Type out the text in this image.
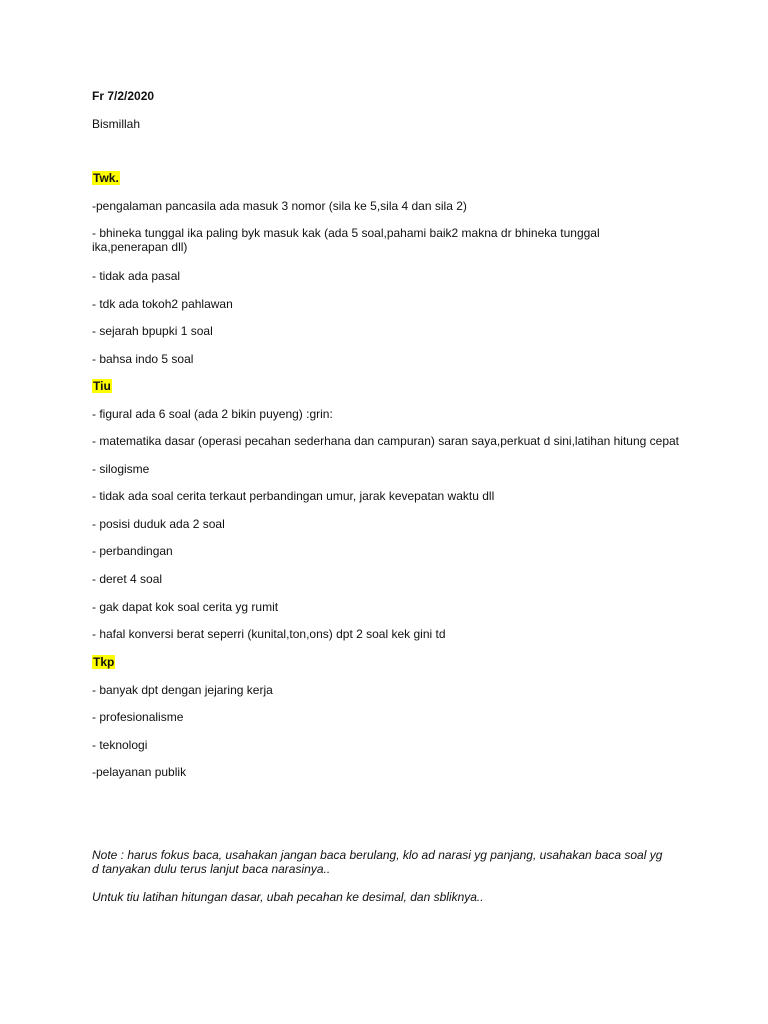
Fr 7/2/2020
Bismillah
Twk.
-pengalaman pancasila ada masuk 3 nomor (sila ke 5,sila 4 dan sila 2)
- bhineka tunggal ika paling byk masuk kak (ada 5 soal,pahami baik2 makna dr bhineka tunggal ika,penerapan dll)
- tidak ada pasal
- tdk ada tokoh2 pahlawan
- sejarah bpupki 1 soal
- bahsa indo 5 soal
Tiu
- figural ada 6 soal (ada 2 bikin puyeng) :grin:
- matematika dasar (operasi pecahan sederhana dan campuran) saran saya,perkuat d sini,latihan hitung cepat
- silogisme
- tidak ada soal cerita terkaut perbandingan umur, jarak kevepatan waktu dll
- posisi duduk ada 2 soal
- perbandingan
- deret 4 soal
- gak dapat kok soal cerita yg rumit
- hafal konversi berat seperri (kunital,ton,ons) dpt 2 soal kek gini td
Tkp
- banyak dpt dengan jejaring kerja
- profesionalisme
- teknologi
-pelayanan publik
Note : harus fokus baca, usahakan jangan baca berulang, klo ad narasi yg panjang, usahakan baca soal yg d tanyakan dulu terus lanjut baca narasinya..
Untuk tiu latihan hitungan dasar, ubah pecahan ke desimal, dan sbliknya..
